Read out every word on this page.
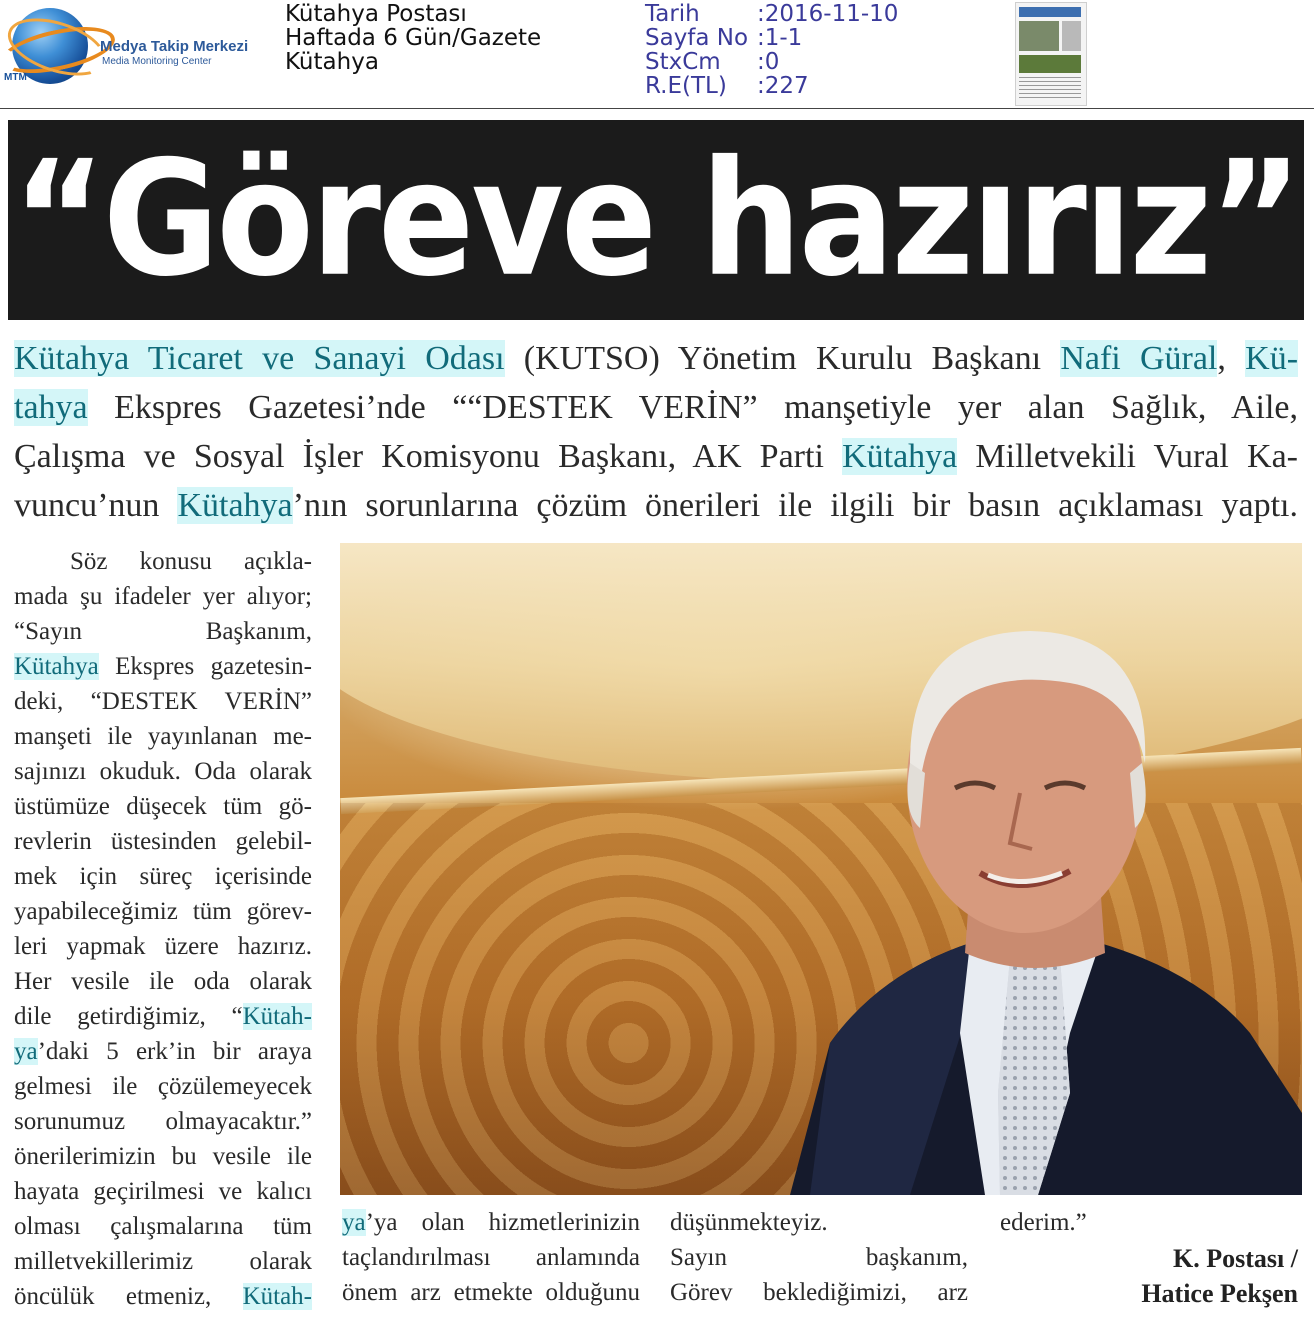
MTM
Medya Takip Merkezi
Media Monitoring Center
Kütahya Postası
Haftada 6 Gün/Gazete
Kütahya
Tarih :2016-11-10
Sayfa No :1-1
StxCm :0
R.E(TL) :227
“Göreve hazırız”
Kütahya Ticaret ve Sanayi Odası (KUTSO) Yönetim Kurulu Başkanı Nafi Güral, Kü-
tahya Ekspres Gazetesi’nde ““DESTEK VERİN” manşetiyle yer alan Sağlık, Aile,
Çalışma ve Sosyal İşler Komisyonu Başkanı, AK Parti Kütahya Milletvekili Vural Ka-
vuncu’nun Kütahya’nın sorunlarına çözüm önerileri ile ilgili bir basın açıklaması yaptı.
Söz konusu açıkla-
mada şu ifadeler yer alıyor;
“Sayın Başkanım,
Kütahya Ekspres gazetesin-
deki, “DESTEK VERİN”
manşeti ile yayınlanan me-
sajınızı okuduk. Oda olarak
üstümüze düşecek tüm gö-
revlerin üstesinden gelebil-
mek için süreç içerisinde
yapabileceğimiz tüm görev-
leri yapmak üzere hazırız.
Her vesile ile oda olarak
dile getirdiğimiz, “Kütah-
ya’daki 5 erk’in bir araya
gelmesi ile çözülemeyecek
sorunumuz olmayacaktır.”
önerilerimizin bu vesile ile
hayata geçirilmesi ve kalıcı
olması çalışmalarına tüm
milletvekillerimiz olarak
öncülük etmeniz, Kütah-
ya’ya olan hizmetlerinizin
taçlandırılması anlamında
önem arz etmekte olduğunu
düşünmekteyiz.
Sayın başkanım,
Görev beklediğimizi, arz
ederim.”
K. Postası /
Hatice Pekşen
